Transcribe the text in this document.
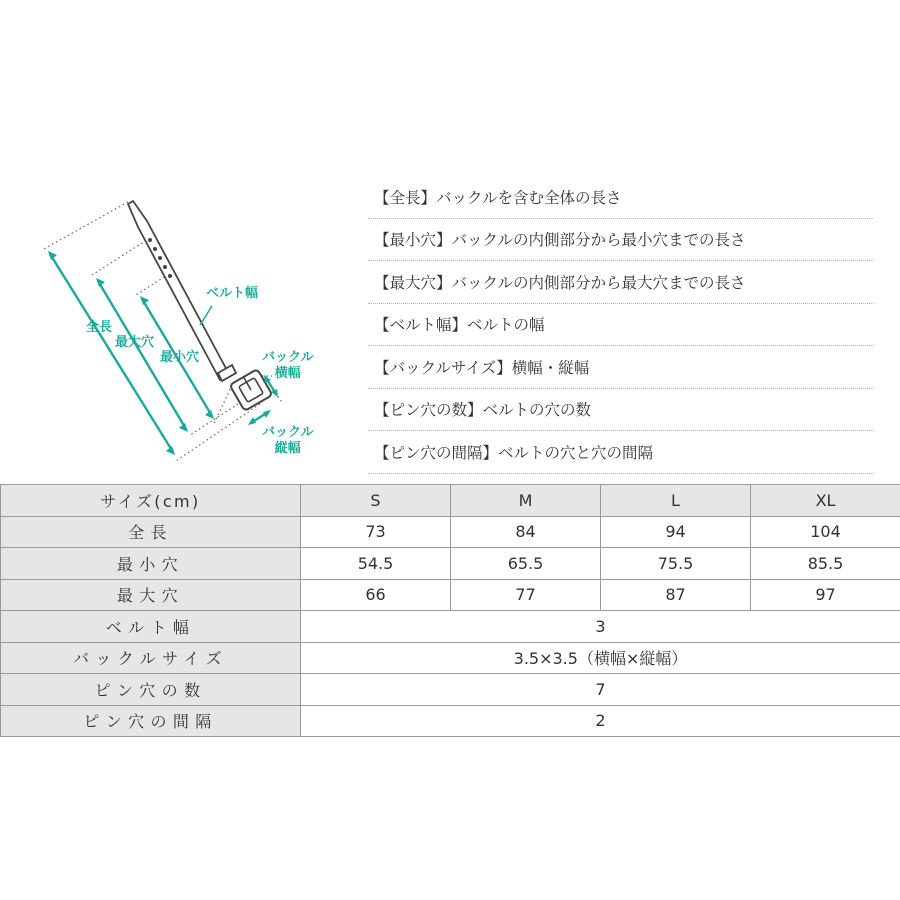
ベルト幅
全長
最大穴
最小穴	バックル
横幅
バックル
縦幅
【全長】バックルを含む全体の長さ
【最小穴】バックルの内側部分から最小穴までの長さ
【最大穴】バックルの内側部分から最大穴までの長さ
【ベルト幅】ベルトの幅
【バックルサイズ】横幅・縦幅
【ピン穴の数】ベルトの穴の数
【ピン穴の間隔】ベルトの穴と穴の間隔
サイズ(cm)	S	M	L	XL
全長	73	84	94	104
最小穴	54.5	65.5	75.5	85.5
最大穴	66	77	87	97
ベルト幅	3			
バックルサイズ	3.5×3.5（横幅×縦幅）			
ピン穴の数	7			
ピン穴の間隔	2			
